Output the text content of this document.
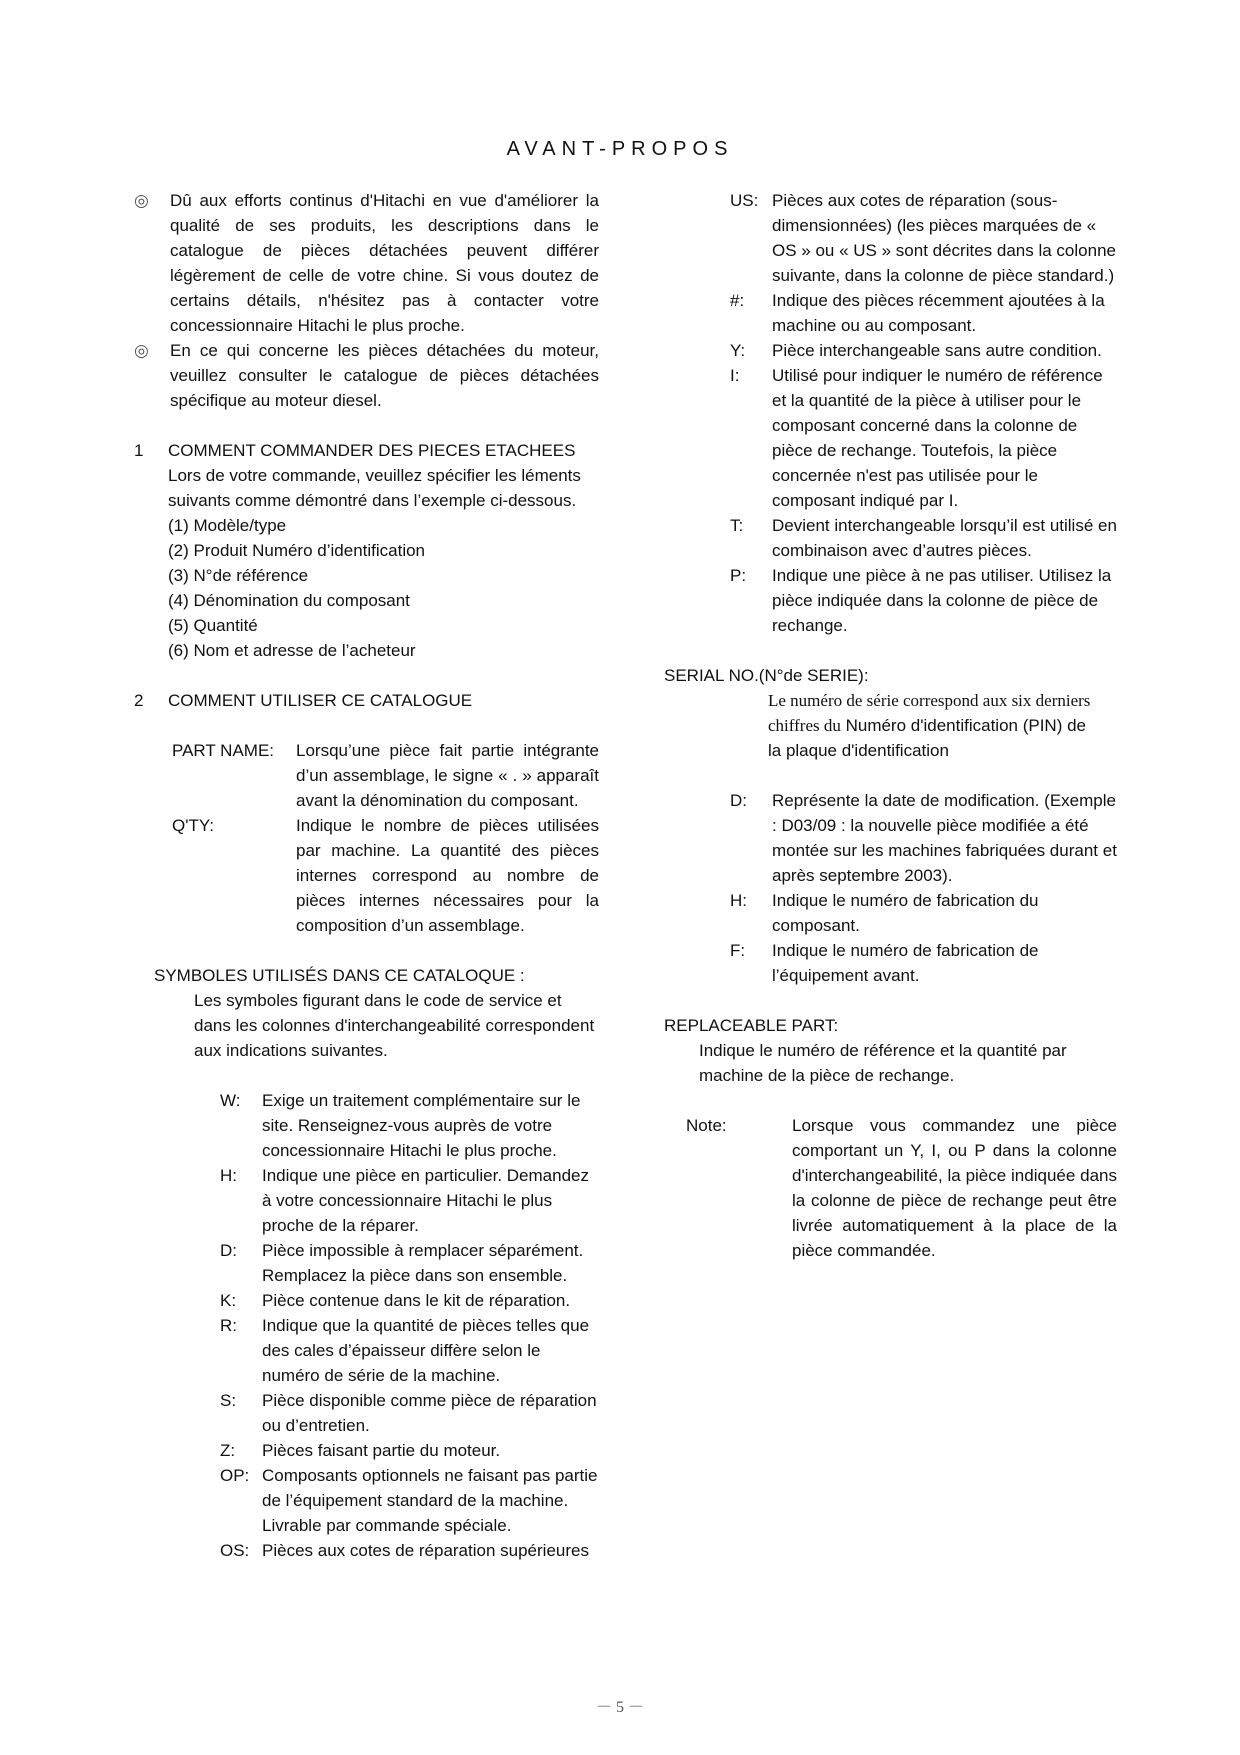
AVANT-PROPOS
◎	Dû aux efforts continus d'Hitachi en vue d'améliorer la qualité de ses produits, les descriptions dans le catalogue de pièces détachées peuvent différer légèrement de celle de votre chine. Si vous doutez de certains détails, n'hésitez pas à contacter votre concessionnaire Hitachi le plus proche.
◎	En ce qui concerne les pièces détachées du moteur, veuillez consulter le catalogue de pièces détachées spécifique au moteur diesel.
1	COMMENT COMMANDER DES PIECES ETACHEES
Lors de votre commande, veuillez spécifier les léments suivants comme démontré dans l’exemple ci-dessous.
(1) Modèle/type
(2) Produit Numéro d’identification
(3) N°de référence
(4) Dénomination du composant
(5) Quantité
(6) Nom et adresse de l’acheteur
2	COMMENT UTILISER CE CATALOGUE
PART NAME:	Lorsqu’une pièce fait partie intégrante d’un assemblage, le signe « . » apparaît avant la dénomination du composant.
Q'TY:	Indique le nombre de pièces utilisées par machine. La quantité des pièces internes correspond au nombre de pièces internes nécessaires pour la composition d’un assemblage.
SYMBOLES UTILISÉS DANS CE CATALOQUE :
Les symboles figurant dans le code de service et dans les colonnes d'interchangeabilité correspondent aux indications suivantes.
W:	Exige un traitement complémentaire sur le site. Renseignez-vous auprès de votre concessionnaire Hitachi le plus proche.
H:	Indique une pièce en particulier. Demandez à votre concessionnaire Hitachi le plus proche de la réparer.
D:	Pièce impossible à remplacer séparément. Remplacez la pièce dans son ensemble.
K:	Pièce contenue dans le kit de réparation.
R:	Indique que la quantité de pièces telles que des cales d’épaisseur diffère selon le numéro de série de la machine.
S:	Pièce disponible comme pièce de réparation ou d’entretien.
Z:	Pièces faisant partie du moteur.
OP: Composants optionnels ne faisant pas partie de l’équipement standard de la machine. Livrable par commande spéciale.
OS: Pièces aux cotes de réparation supérieures
US: Pièces aux cotes de réparation (sous-dimensionnées) (les pièces marquées de « OS » ou « US » sont décrites dans la colonne suivante, dans la colonne de pièce standard.)
#:	Indique des pièces récemment ajoutées à la machine ou au composant.
Y:	Pièce interchangeable sans autre condition.
I:	Utilisé pour indiquer le numéro de référence et la quantité de la pièce à utiliser pour le composant concerné dans la colonne de pièce de rechange. Toutefois, la pièce concernée n'est pas utilisée pour le composant indiqué par I.
T:	Devient interchangeable lorsqu’il est utilisé en combinaison avec d’autres pièces.
P:	Indique une pièce à ne pas utiliser. Utilisez la pièce indiquée dans la colonne de pièce de rechange.
SERIAL NO.(N°de SERIE):
Le numéro de série correspond aux six derniers chiffres du Numéro d'identification (PIN) de la plaque d'identification
D:	Représente la date de modification. (Exemple : D03/09 : la nouvelle pièce modifiée a été montée sur les machines fabriquées durant et après septembre 2003).
H:	Indique le numéro de fabrication du composant.
F:	Indique le numéro de fabrication de l’équipement avant.
REPLACEABLE PART:
Indique le numéro de référence et la quantité par machine de la pièce de rechange.
Note:	Lorsque vous commandez une pièce comportant un Y, I, ou P dans la colonne d'interchangeabilité, la pièce indiquée dans la colonne de pièce de rechange peut être livrée automatiquement à la place de la pièce commandée.
－ 5 －
